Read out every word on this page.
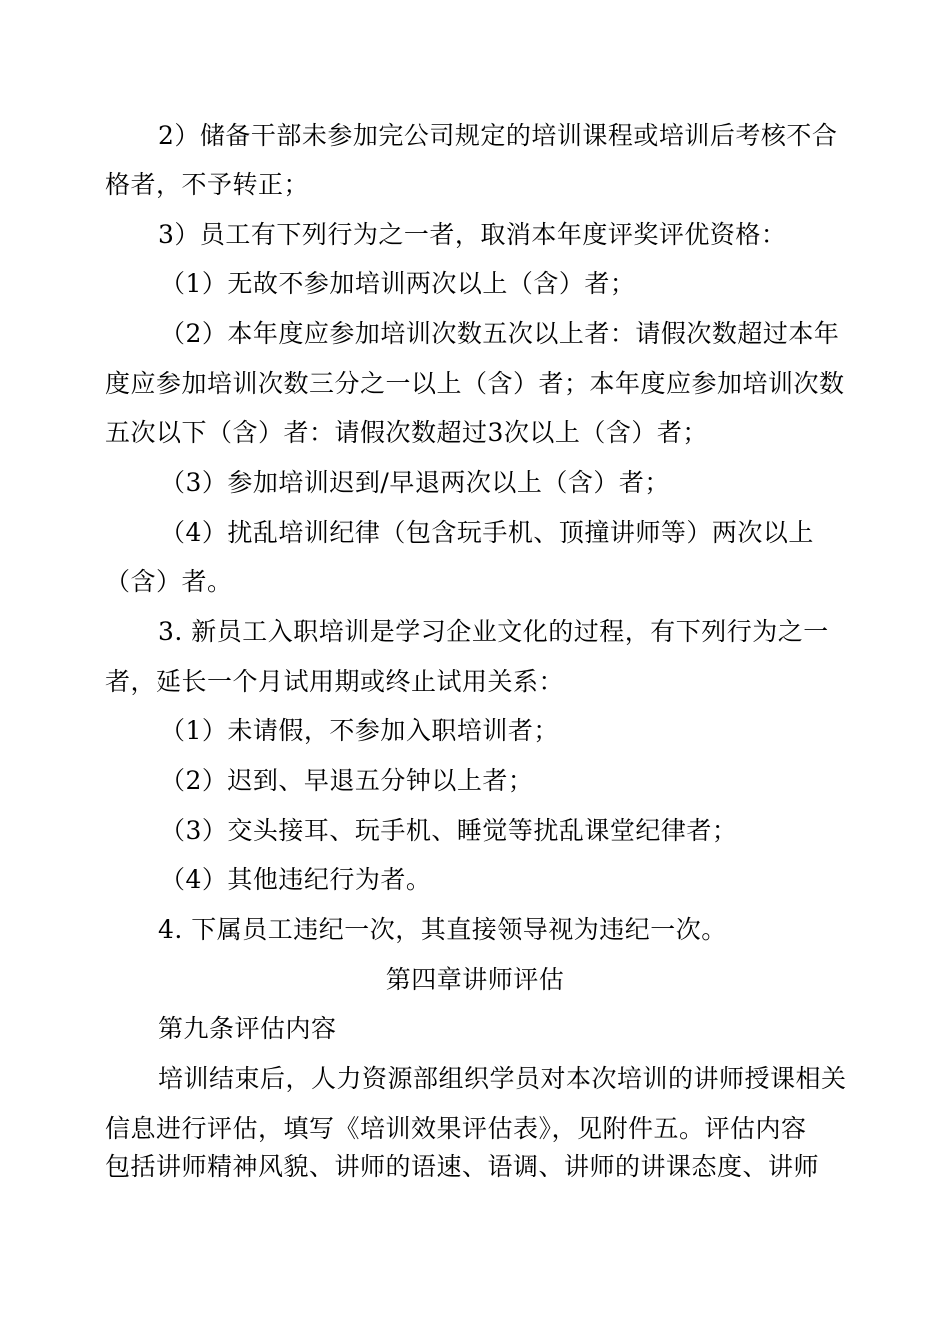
2）储备干部未参加完公司规定的培训课程或培训后考核不合
格者，不予转正；
3）员工有下列行为之一者，取消本年度评奖评优资格：
（1）无故不参加培训两次以上（含）者；
（2）本年度应参加培训次数五次以上者：请假次数超过本年
度应参加培训次数三分之一以上（含）者；本年度应参加培训次数
五次以下（含）者：请假次数超过3次以上（含）者；
（3）参加培训迟到/早退两次以上（含）者；
（4）扰乱培训纪律（包含玩手机、顶撞讲师等）两次以上
（含）者。
3. 新员工入职培训是学习企业文化的过程，有下列行为之一
者，延长一个月试用期或终止试用关系：
（1）未请假，不参加入职培训者；
（2）迟到、早退五分钟以上者；
（3）交头接耳、玩手机、睡觉等扰乱课堂纪律者；
（4）其他违纪行为者。
4. 下属员工违纪一次，其直接领导视为违纪一次。
第四章讲师评估
第九条评估内容
培训结束后，人力资源部组织学员对本次培训的讲师授课相关
信息进行评估，填写《培训效果评估表》，见附件五。评估内容
包括讲师精神风貌、讲师的语速、语调、讲师的讲课态度、讲师
